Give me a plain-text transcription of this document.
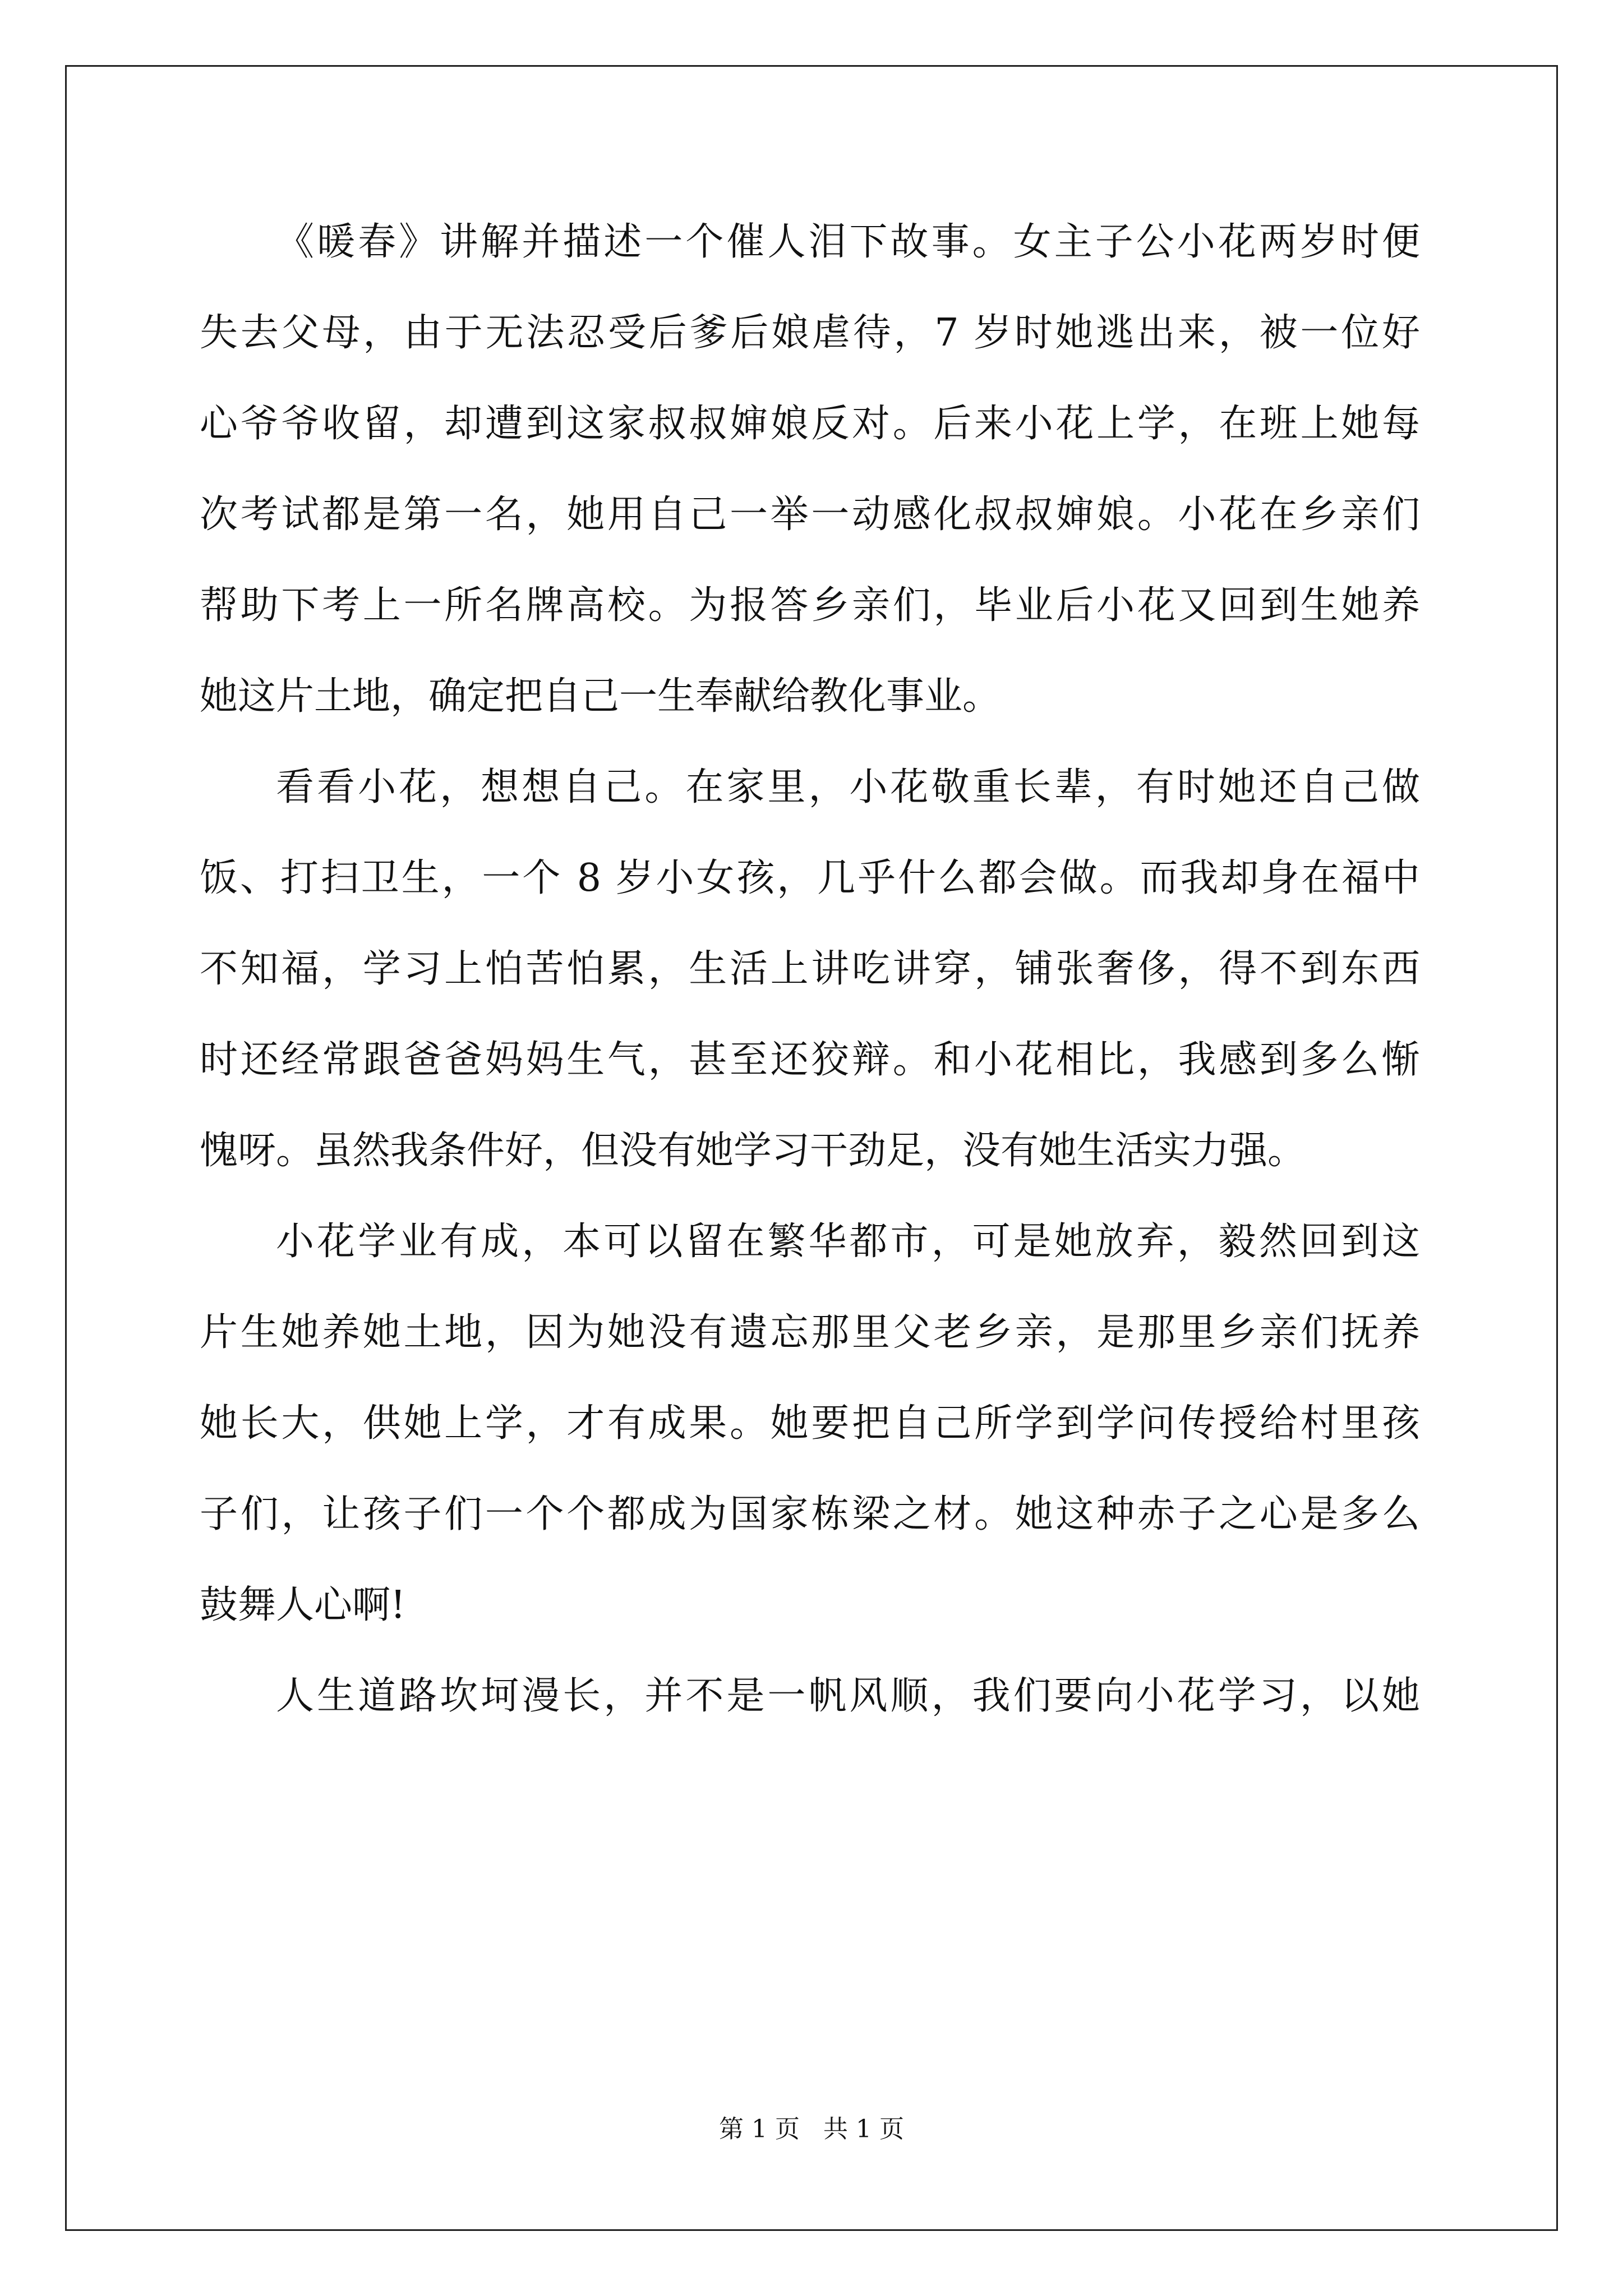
《暖春》讲解并描述一个催人泪下故事。女主子公小花两岁时便
失去父母，由于无法忍受后爹后娘虐待，7 岁时她逃出来，被一位好
心爷爷收留，却遭到这家叔叔婶娘反对。后来小花上学，在班上她每
次考试都是第一名，她用自己一举一动感化叔叔婶娘。小花在乡亲们
帮助下考上一所名牌高校。为报答乡亲们，毕业后小花又回到生她养
她这片土地，确定把自己一生奉献给教化事业。
看看小花，想想自己。在家里，小花敬重长辈，有时她还自己做
饭、打扫卫生，一个 8 岁小女孩，几乎什么都会做。而我却身在福中
不知福，学习上怕苦怕累，生活上讲吃讲穿，铺张奢侈，得不到东西
时还经常跟爸爸妈妈生气，甚至还狡辩。和小花相比，我感到多么惭
愧呀。虽然我条件好，但没有她学习干劲足，没有她生活实力强。
小花学业有成，本可以留在繁华都市，可是她放弃，毅然回到这
片生她养她土地，因为她没有遗忘那里父老乡亲，是那里乡亲们抚养
她长大，供她上学，才有成果。她要把自己所学到学问传授给村里孩
子们，让孩子们一个个都成为国家栋梁之材。她这种赤子之心是多么
鼓舞人心啊!
人生道路坎坷漫长，并不是一帆风顺，我们要向小花学习，以她
第 1 页 共 1 页
